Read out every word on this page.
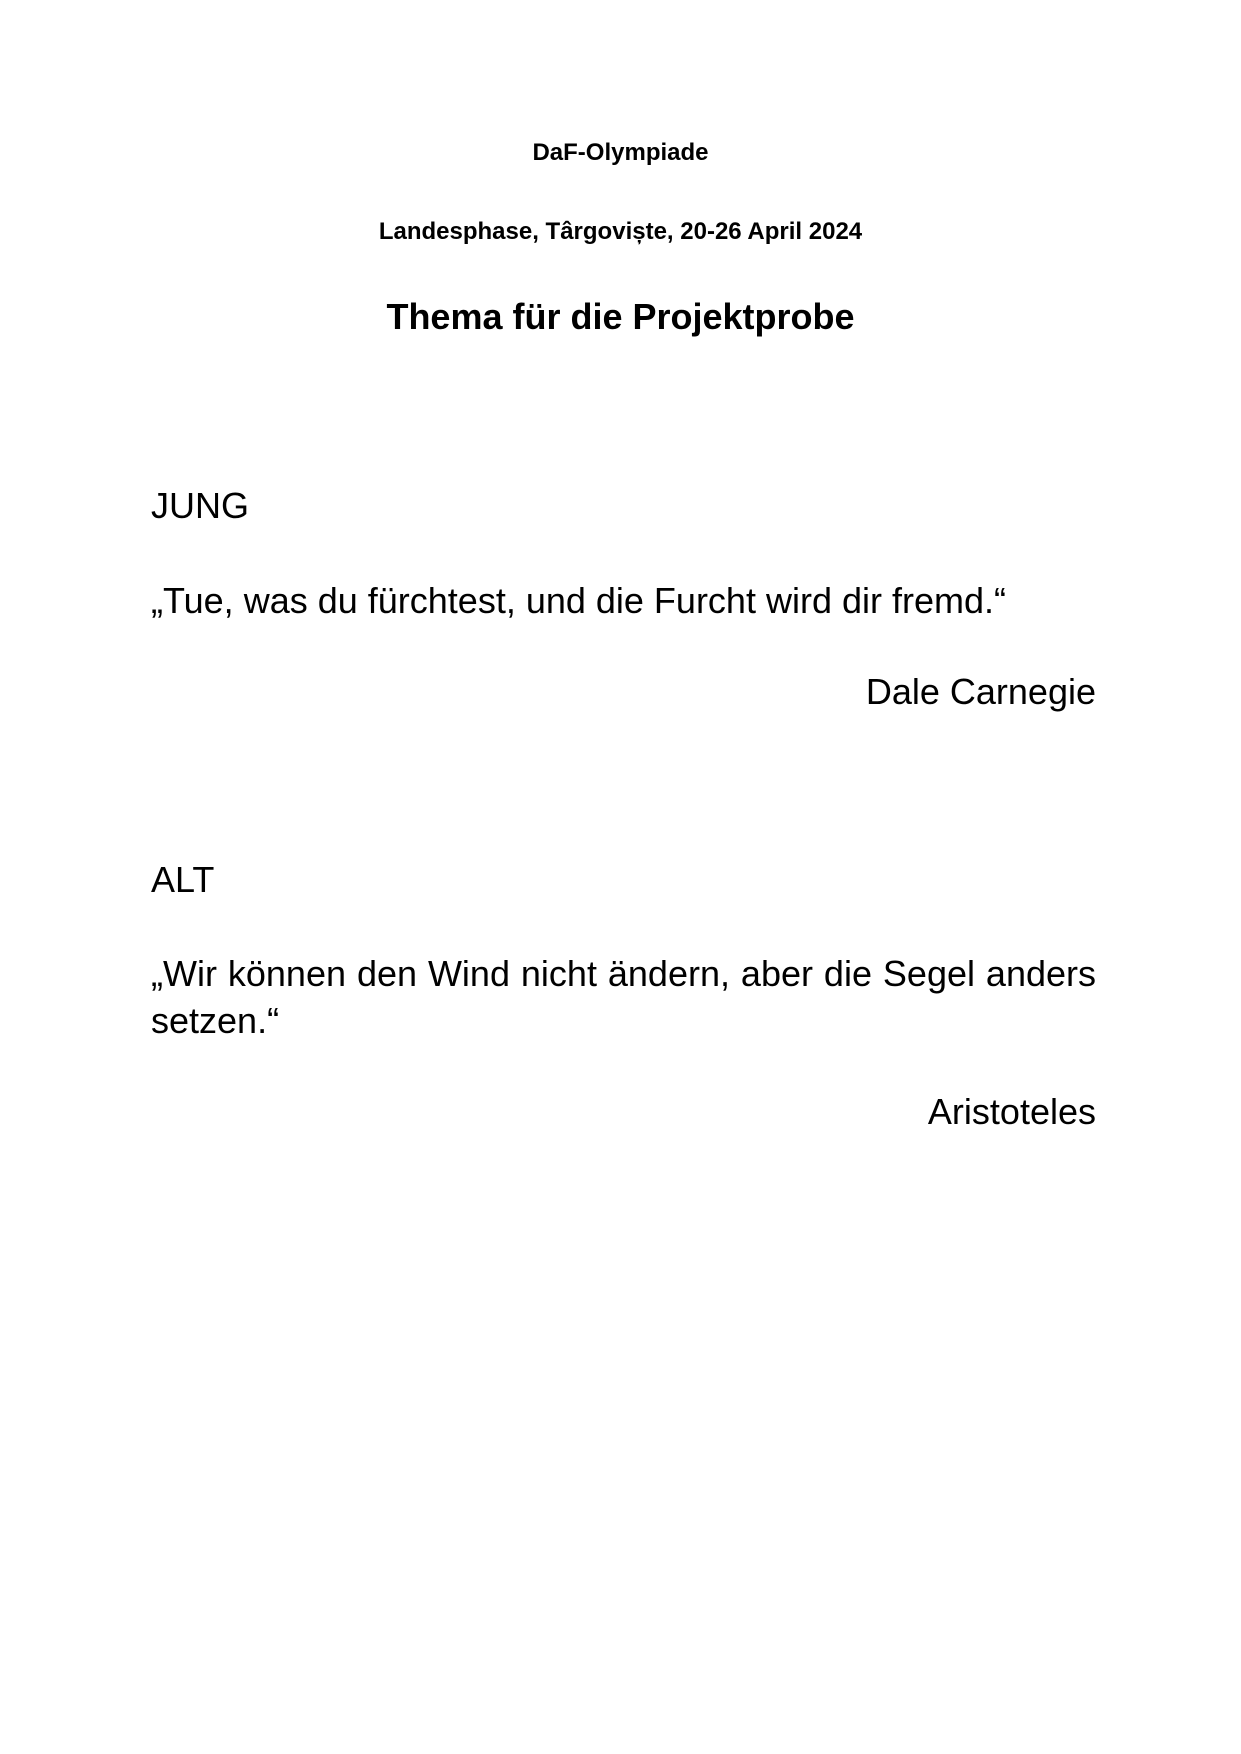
DaF-Olympiade
Landesphase, Târgoviște, 20-26 April 2024
Thema für die Projektprobe
JUNG
„Tue, was du fürchtest, und die Furcht wird dir fremd.“
Dale Carnegie
ALT
„Wir können den Wind nicht ändern, aber die Segel anders setzen.“
Aristoteles
